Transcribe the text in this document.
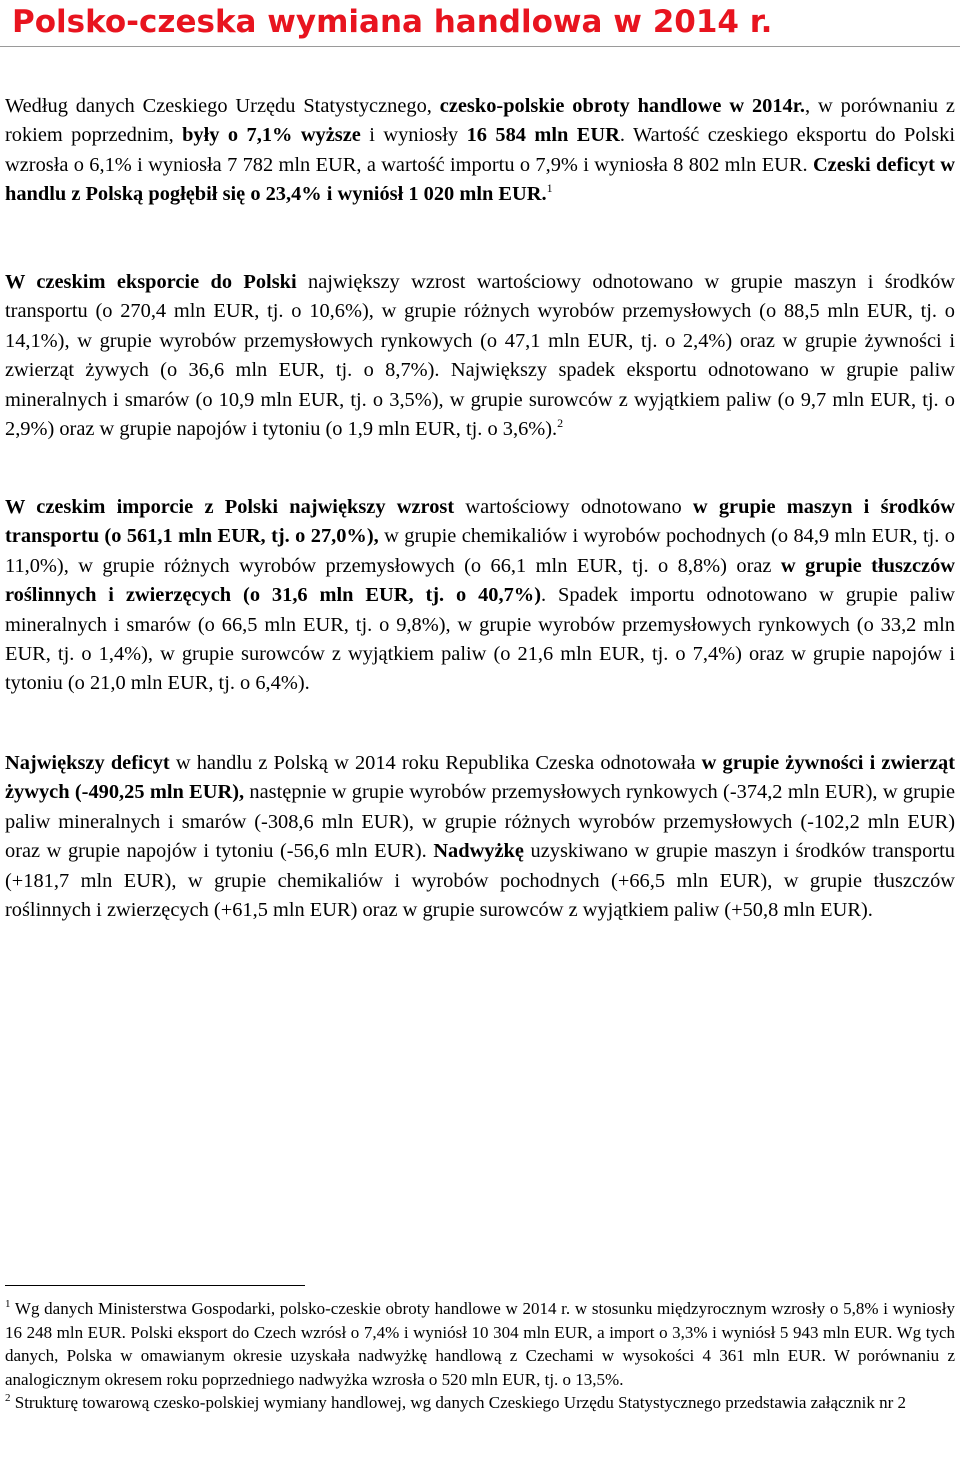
Polsko-czeska wymiana handlowa w 2014 r.

Według danych Czeskiego Urzędu Statystycznego, czesko-polskie obroty handlowe w 2014r., w porównaniu z rokiem poprzednim, były o 7,1% wyższe i wyniosły 16 584 mln EUR. Wartość czeskiego eksportu do Polski wzrosła o 6,1% i wyniosła 7 782 mln EUR, a wartość importu o 7,9% i wyniosła 8 802 mln EUR. Czeski deficyt w handlu z Polską pogłębił się o 23,4% i wyniósł 1 020 mln EUR.$^1$

W czeskim eksporcie do Polski największy wzrost wartościowy odnotowano w grupie maszyn i środków transportu (o 270,4 mln EUR, tj. o 10,6%), w grupie różnych wyrobów przemysłowych (o 88,5 mln EUR, tj. o 14,1%), w grupie wyrobów przemysłowych rynkowych (o 47,1 mln EUR, tj. o 2,4%) oraz w grupie żywności i zwierząt żywych (o 36,6 mln EUR, tj. o 8,7%). Największy spadek eksportu odnotowano w grupie paliw mineralnych i smarów (o 10,9 mln EUR, tj. o 3,5%), w grupie surowców z wyjątkiem paliw (o 9,7 mln EUR, tj. o 2,9%) oraz w grupie napojów i tytoniu (o 1,9 mln EUR, tj. o 3,6%).$^2$

W czeskim imporcie z Polski największy wzrost wartościowy odnotowano w grupie maszyn i środków transportu (o 561,1 mln EUR, tj. o 27,0%), w grupie chemikaliów i wyrobów pochodnych (o 84,9 mln EUR, tj. o 11,0%), w grupie różnych wyrobów przemysłowych (o 66,1 mln EUR, tj. o 8,8%) oraz w grupie tłuszczów roślinnych i zwierzęcych (o 31,6 mln EUR, tj. o 40,7%). Spadek importu odnotowano w grupie paliw mineralnych i smarów (o 66,5 mln EUR, tj. o 9,8%), w grupie wyrobów przemysłowych rynkowych (o 33,2 mln EUR, tj. o 1,4%), w grupie surowców z wyjątkiem paliw (o 21,6 mln EUR, tj. o 7,4%) oraz w grupie napojów i tytoniu (o 21,0 mln EUR, tj. o 6,4%).

Największy deficyt w handlu z Polską w 2014 roku Republika Czeska odnotowała w grupie żywności i zwierząt żywych (-490,25 mln EUR), następnie w grupie wyrobów przemysłowych rynkowych (-374,2 mln EUR), w grupie paliw mineralnych i smarów (-308,6 mln EUR), w grupie różnych wyrobów przemysłowych (-102,2 mln EUR) oraz w grupie napojów i tytoniu (-56,6 mln EUR). Nadwyżkę uzyskiwano w grupie maszyn i środków transportu (+181,7 mln EUR), w grupie chemikaliów i wyrobów pochodnych (+66,5 mln EUR), w grupie tłuszczów roślinnych i zwierzęcych (+61,5 mln EUR) oraz w grupie surowców z wyjątkiem paliw (+50,8 mln EUR).

$^1$ Wg danych Ministerstwa Gospodarki, polsko-czeskie obroty handlowe w 2014 r. w stosunku międzyrocznym wzrosły o 5,8% i wyniosły 16 248 mln EUR. Polski eksport do Czech wzrósł o 7,4% i wyniósł 10 304 mln EUR, a import o 3,3% i wyniósł 5 943 mln EUR. Wg tych danych, Polska w omawianym okresie uzyskała nadwyżkę handlową z Czechami w wysokości 4 361 mln EUR. W porównaniu z analogicznym okresem roku poprzedniego nadwyżka wzrosła o 520 mln EUR, tj. o 13,5%.

$^2$ Strukturę towarową czesko-polskiej wymiany handlowej, wg danych Czeskiego Urzędu Statystycznego przedstawia załącznik nr 2
